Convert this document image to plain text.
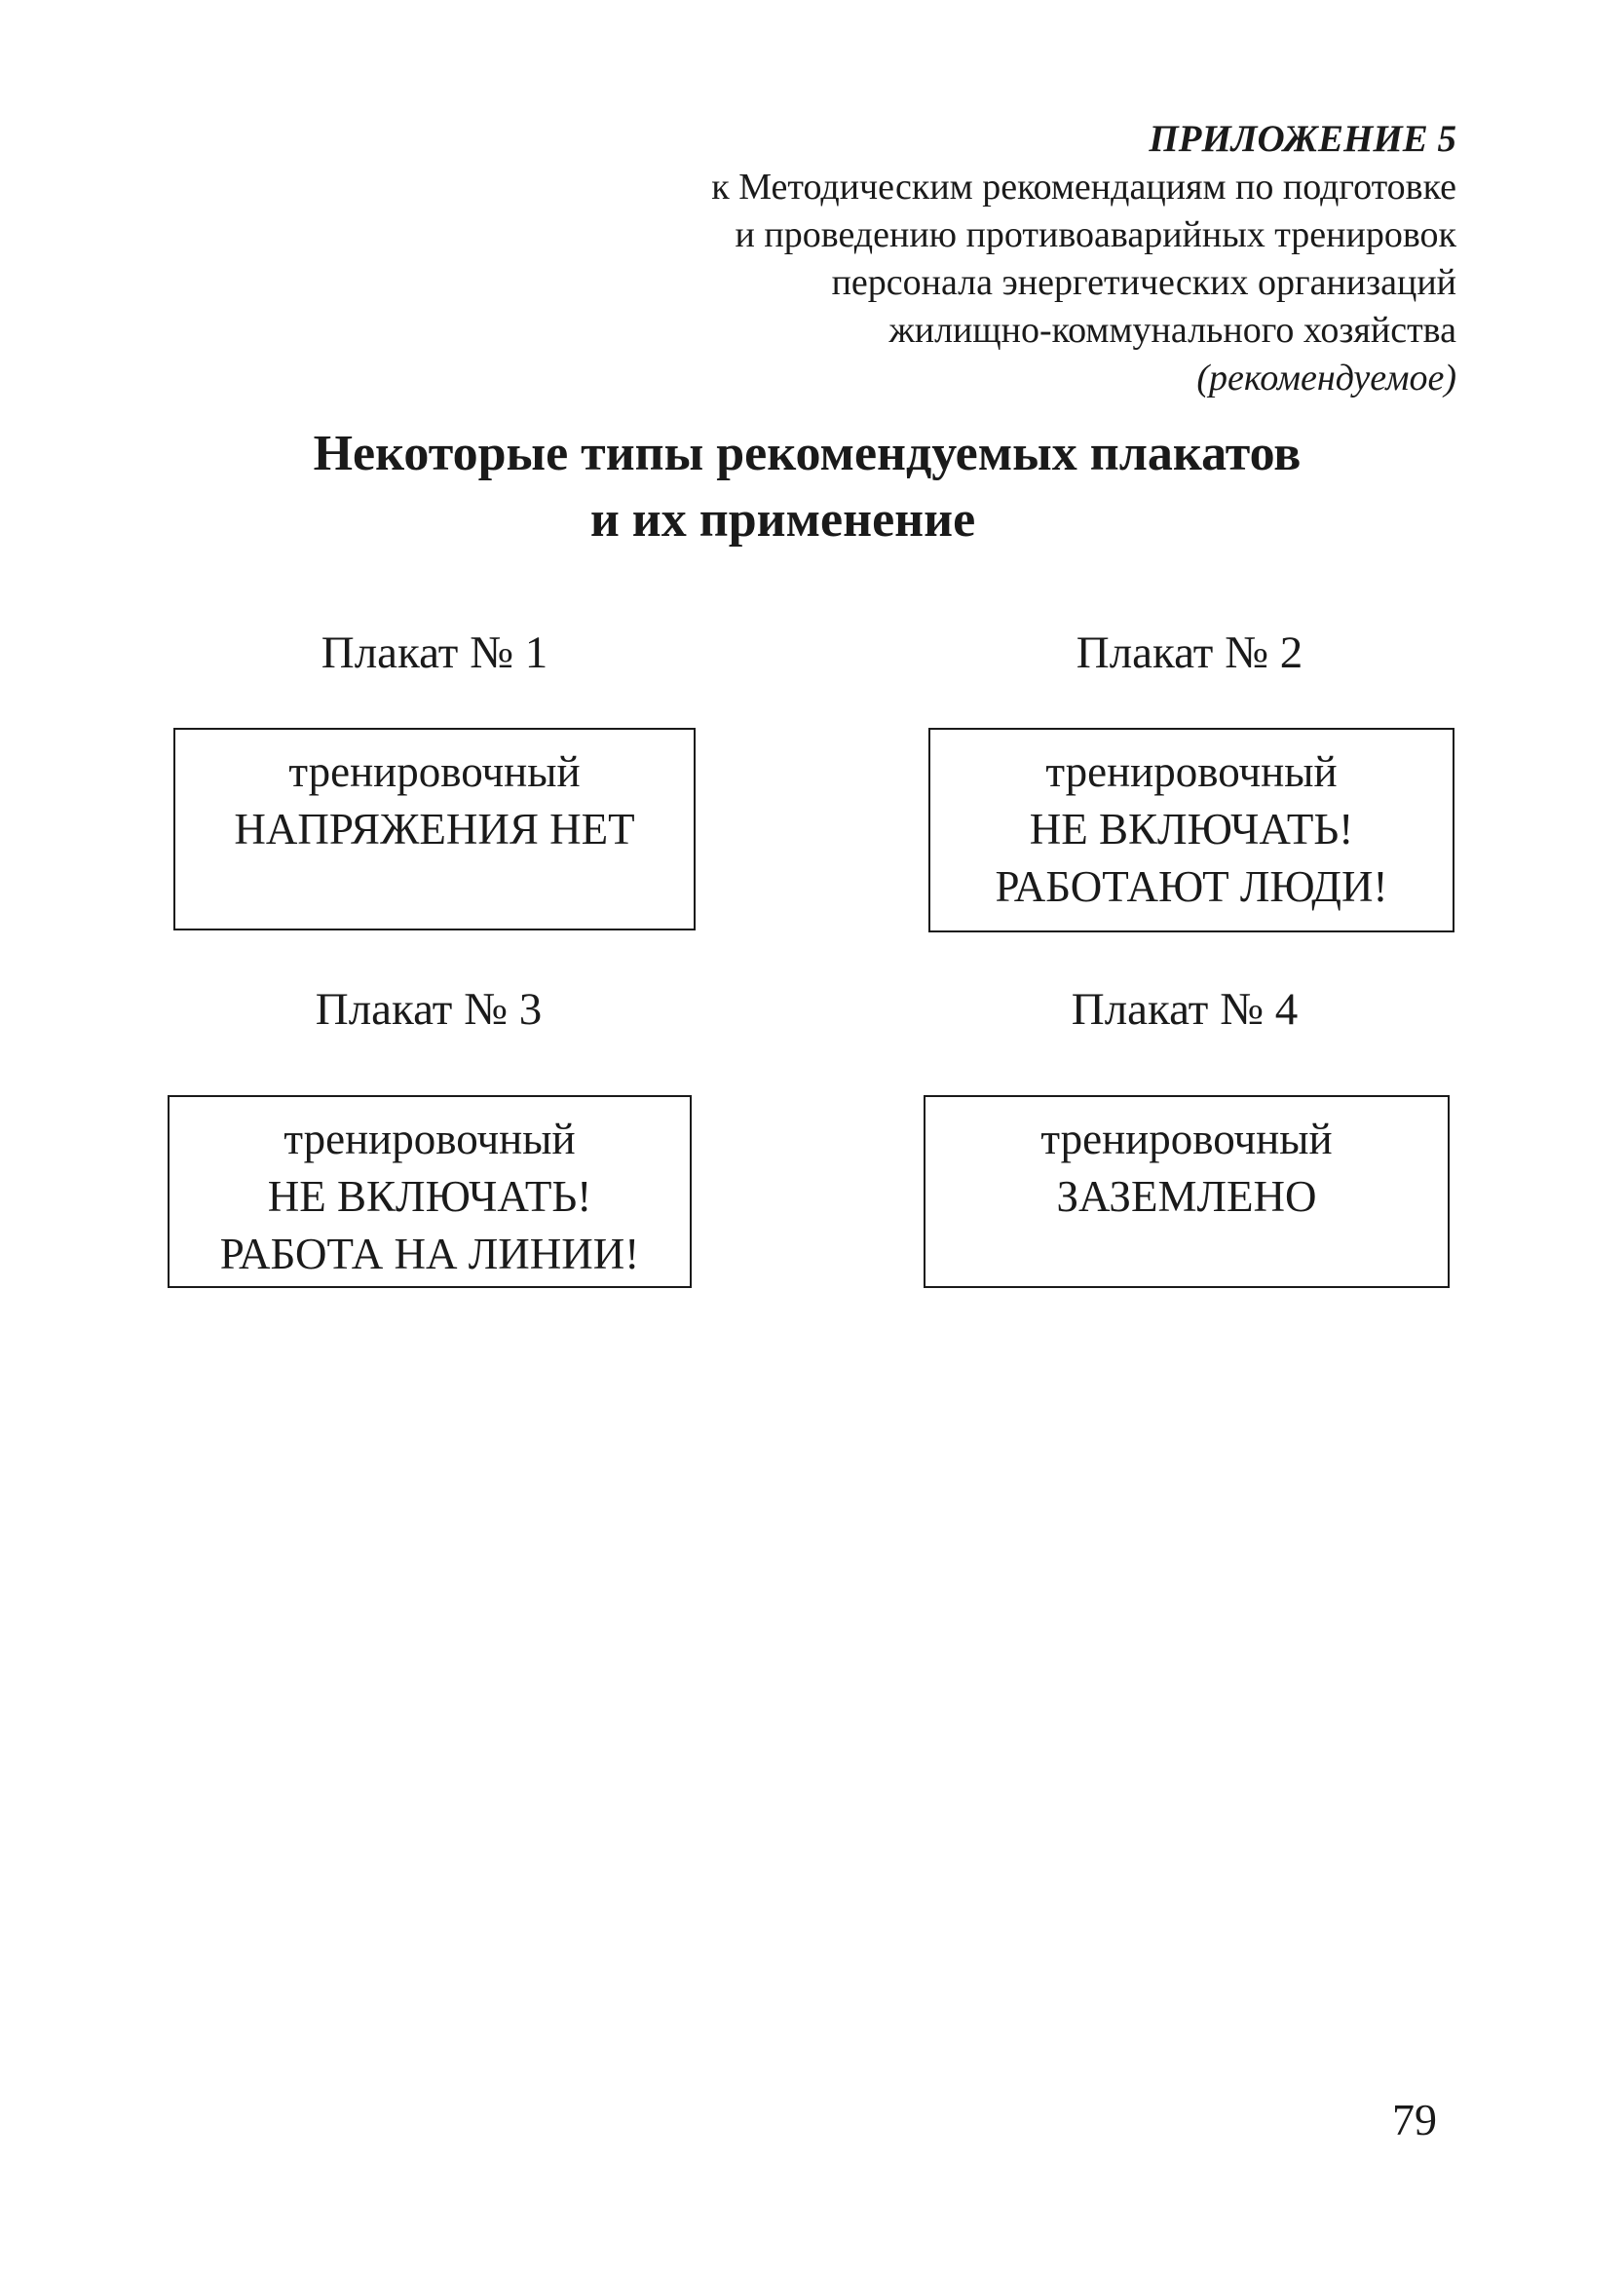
ПРИЛОЖЕНИЕ 5
к Методическим рекомендациям по подготовке
и проведению противоаварийных тренировок
персонала энергетических организаций
жилищно-коммунального хозяйства
(рекомендуемое)
Некоторые типы рекомендуемых плакатов
и их применение
Плакат № 1
тренировочный
НАПРЯЖЕНИЯ НЕТ
Плакат № 2
тренировочный
НЕ ВКЛЮЧАТЬ!
РАБОТАЮТ ЛЮДИ!
Плакат № 3
тренировочный
НЕ ВКЛЮЧАТЬ!
РАБОТА НА ЛИНИИ!
Плакат № 4
тренировочный
ЗАЗЕМЛЕНО
79
